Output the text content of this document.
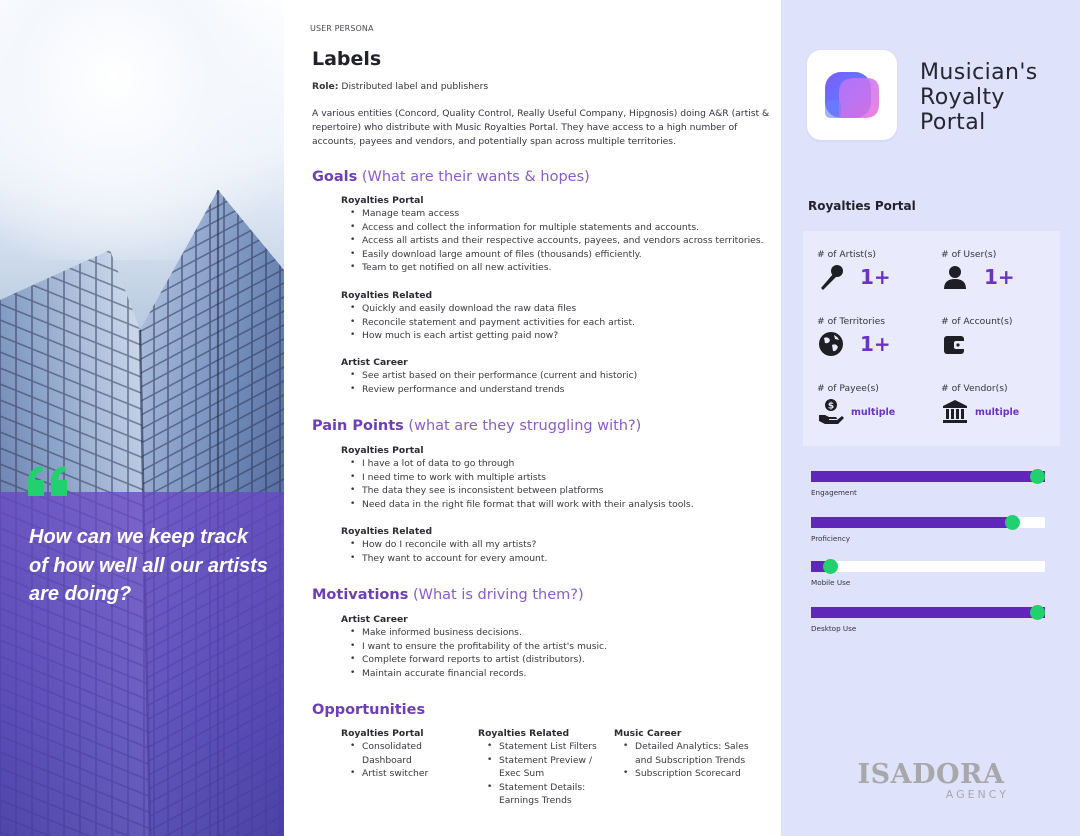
How can we keep track of how well all our artists are doing?
USER PERSONA
Labels
Role: Distributed label and publishers
A various entities (Concord, Quality Control, Really Useful Company, Hipgnosis) doing A&R (artist & repertoire) who distribute with Music Royalties Portal. They have access to a high number of accounts, payees and vendors, and potentially span across multiple territories.
Goals (What are their wants & hopes)
Royalties Portal
• Manage team access
• Access and collect the information for multiple statements and accounts.
• Access all artists and their respective accounts, payees, and vendors across territories.
• Easily download large amount of files (thousands) efficiently.
• Team to get notified on all new activities.
Royalties Related
• Quickly and easily download the raw data files
• Reconcile statement and payment activities for each artist.
• How much is each artist getting paid now?
Artist Career
• See artist based on their performance (current and historic)
• Review performance and understand trends
Pain Points (what are they struggling with?)
Royalties Portal
• I have a lot of data to go through
• I need time to work with multiple artists
• The data they see is inconsistent between platforms
• Need data in the right file format that will work with their analysis tools.
Royalties Related
• How do I reconcile with all my artists?
• They want to account for every amount.
Motivations (What is driving them?)
Artist Career
• Make informed business decisions.
• I want to ensure the profitability of the artist's music.
• Complete forward reports to artist (distributors).
• Maintain accurate financial records.
Opportunities
Royalties Portal
• Consolidated Dashboard
• Artist switcher
Royalties Related
• Statement List Filters
• Statement Preview / Exec Sum
• Statement Details: Earnings Trends
Music Career
• Detailed Analytics: Sales and Subscription Trends
• Subscription Scorecard
Musician's Royalty Portal
Royalties Portal
# of Artist(s)
1+
# of User(s)
1+
# of Territories
1+
# of Account(s)
# of Payee(s)
$
multiple
# of Vendor(s)
multiple
Engagement
Proficiency
Mobile Use
Desktop Use
ISADORA
AGENCY
